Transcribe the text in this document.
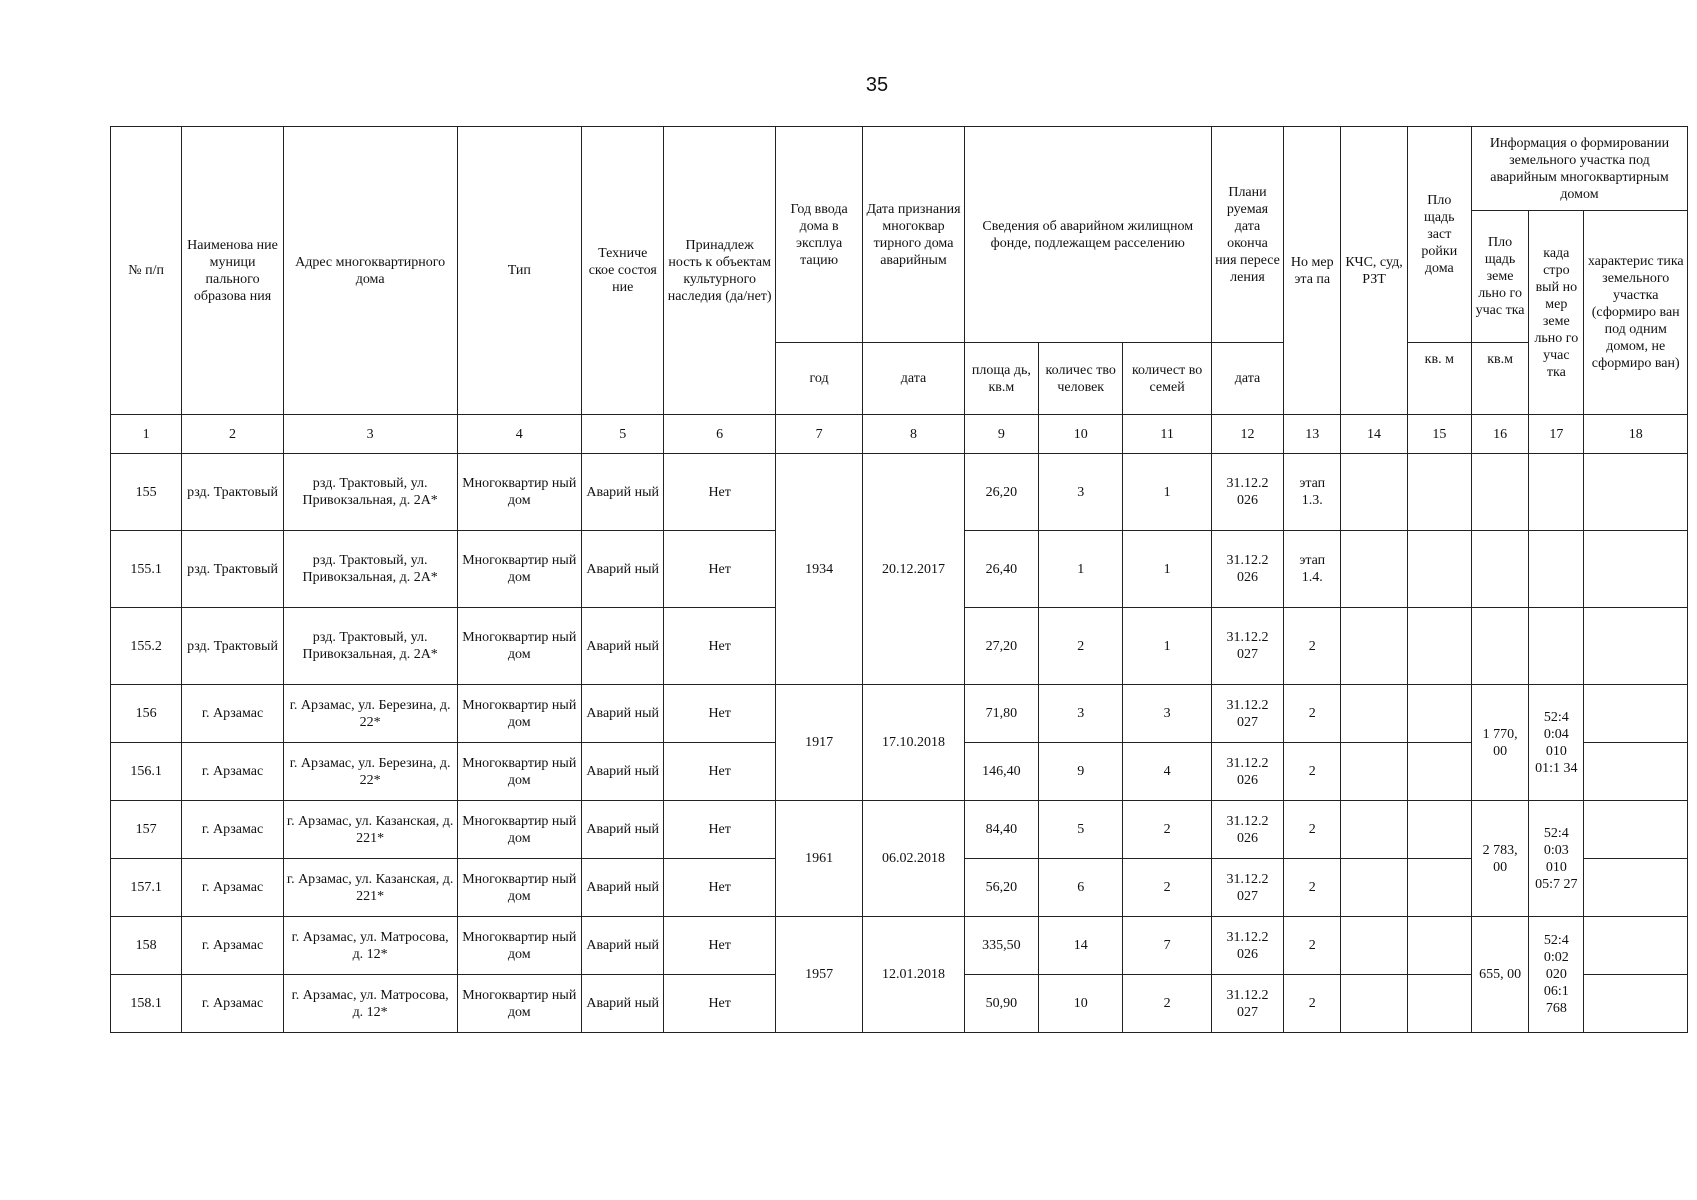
35
№ п/п	Наименова ние муници пального образова ния	Адрес многоквартирного дома	Тип	Техниче ское состоя ние	Принадлеж ность к объектам культурного наследия (да/нет)	Год ввода дома в эксплуа тацию	Дата признания многоквар тирного дома аварийным	Сведения об аварийном жилищном фонде, подлежащем расселению			Плани руемая дата оконча ния пересе ления	Но мер эта па	КЧС, суд, РЗТ	Пло щадь заст ройки дома	Информация о формировании земельного участка под аварийным многоквартирным домом		
															Пло щадь земе льно го учас тка	када стро вый но мер земе льно го учас тка	характерис тика земельного участка (сформиро ван под одним домом, не сформиро ван)
						год	дата	площа дь, кв.м	количес тво человек	количест во семей	дата			кв. м	кв.м		
1	2	3	4	5	6	7	8	9	10	11	12	13	14	15	16	17	18
155	рзд. Трактовый	рзд. Трактовый, ул. Привокзальная, д. 2А*	Многоквартир ный дом	Аварий ный	Нет	1934	20.12.2017	26,20	3	1	31.12.2 026	этап 1.3.					
155.1	рзд. Трактовый	рзд. Трактовый, ул. Привокзальная, д. 2А*	Многоквартир ный дом	Аварий ный	Нет			26,40	1	1	31.12.2 026	этап 1.4.					
155.2	рзд. Трактовый	рзд. Трактовый, ул. Привокзальная, д. 2А*	Многоквартир ный дом	Аварий ный	Нет			27,20	2	1	31.12.2 027	2					
156	г. Арзамас	г. Арзамас, ул. Березина, д. 22*	Многоквартир ный дом	Аварий ный	Нет	1917	17.10.2018	71,80	3	3	31.12.2 027	2			1 770, 00	52:4 0:04 010 01:1 34	
156.1	г. Арзамас	г. Арзамас, ул. Березина, д. 22*	Многоквартир ный дом	Аварий ный	Нет			146,40	9	4	31.12.2 026	2					
157	г. Арзамас	г. Арзамас, ул. Казанская, д. 221*	Многоквартир ный дом	Аварий ный	Нет	1961	06.02.2018	84,40	5	2	31.12.2 026	2			2 783, 00	52:4 0:03 010 05:7 27	
157.1	г. Арзамас	г. Арзамас, ул. Казанская, д. 221*	Многоквартир ный дом	Аварий ный	Нет			56,20	6	2	31.12.2 027	2					
158	г. Арзамас	г. Арзамас, ул. Матросова, д. 12*	Многоквартир ный дом	Аварий ный	Нет	1957	12.01.2018	335,50	14	7	31.12.2 026	2			655, 00	52:4 0:02 020 06:1 768	
158.1	г. Арзамас	г. Арзамас, ул. Матросова, д. 12*	Многоквартир ный дом	Аварий ный	Нет			50,90	10	2	31.12.2 027	2					
